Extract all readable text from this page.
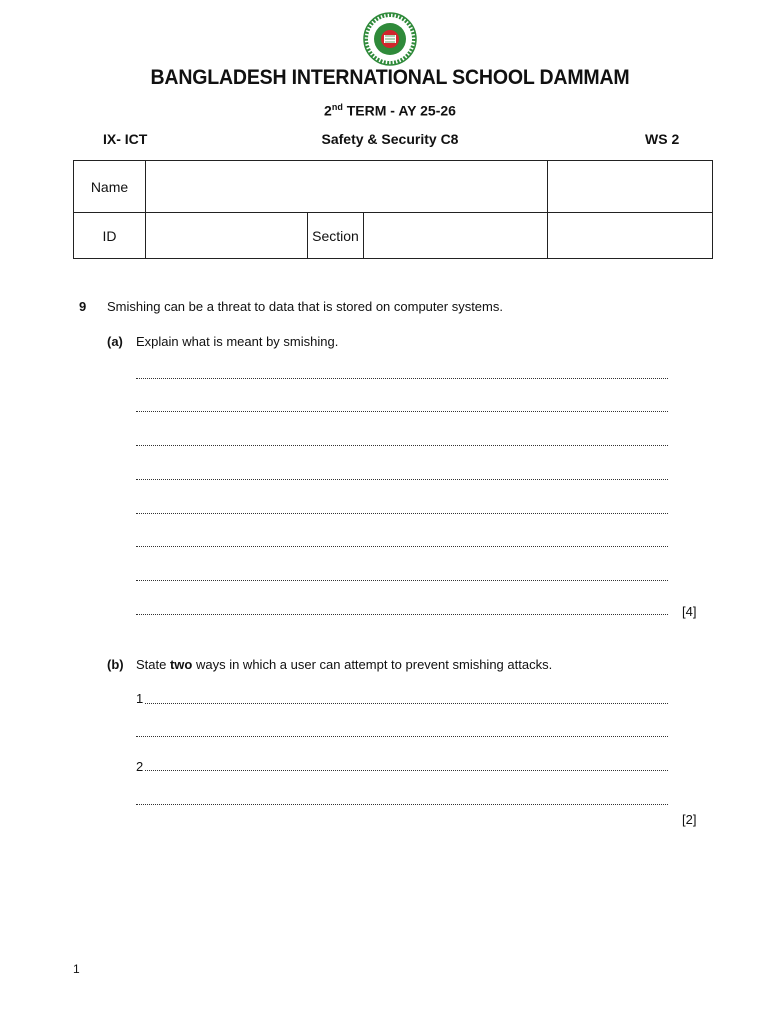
BANGLADESH INTERNATIONAL SCHOOL DAMMAM
2nd TERM - AY 25-26
IX- ICT	Safety & Security C8	WS 2
Name				
ID		Section		
9 Smishing can be a threat to data that is stored on computer systems.
(a) Explain what is meant by smishing.
[4]
(b) State two ways in which a user can attempt to prevent smishing attacks.
1
2
[2]
1
